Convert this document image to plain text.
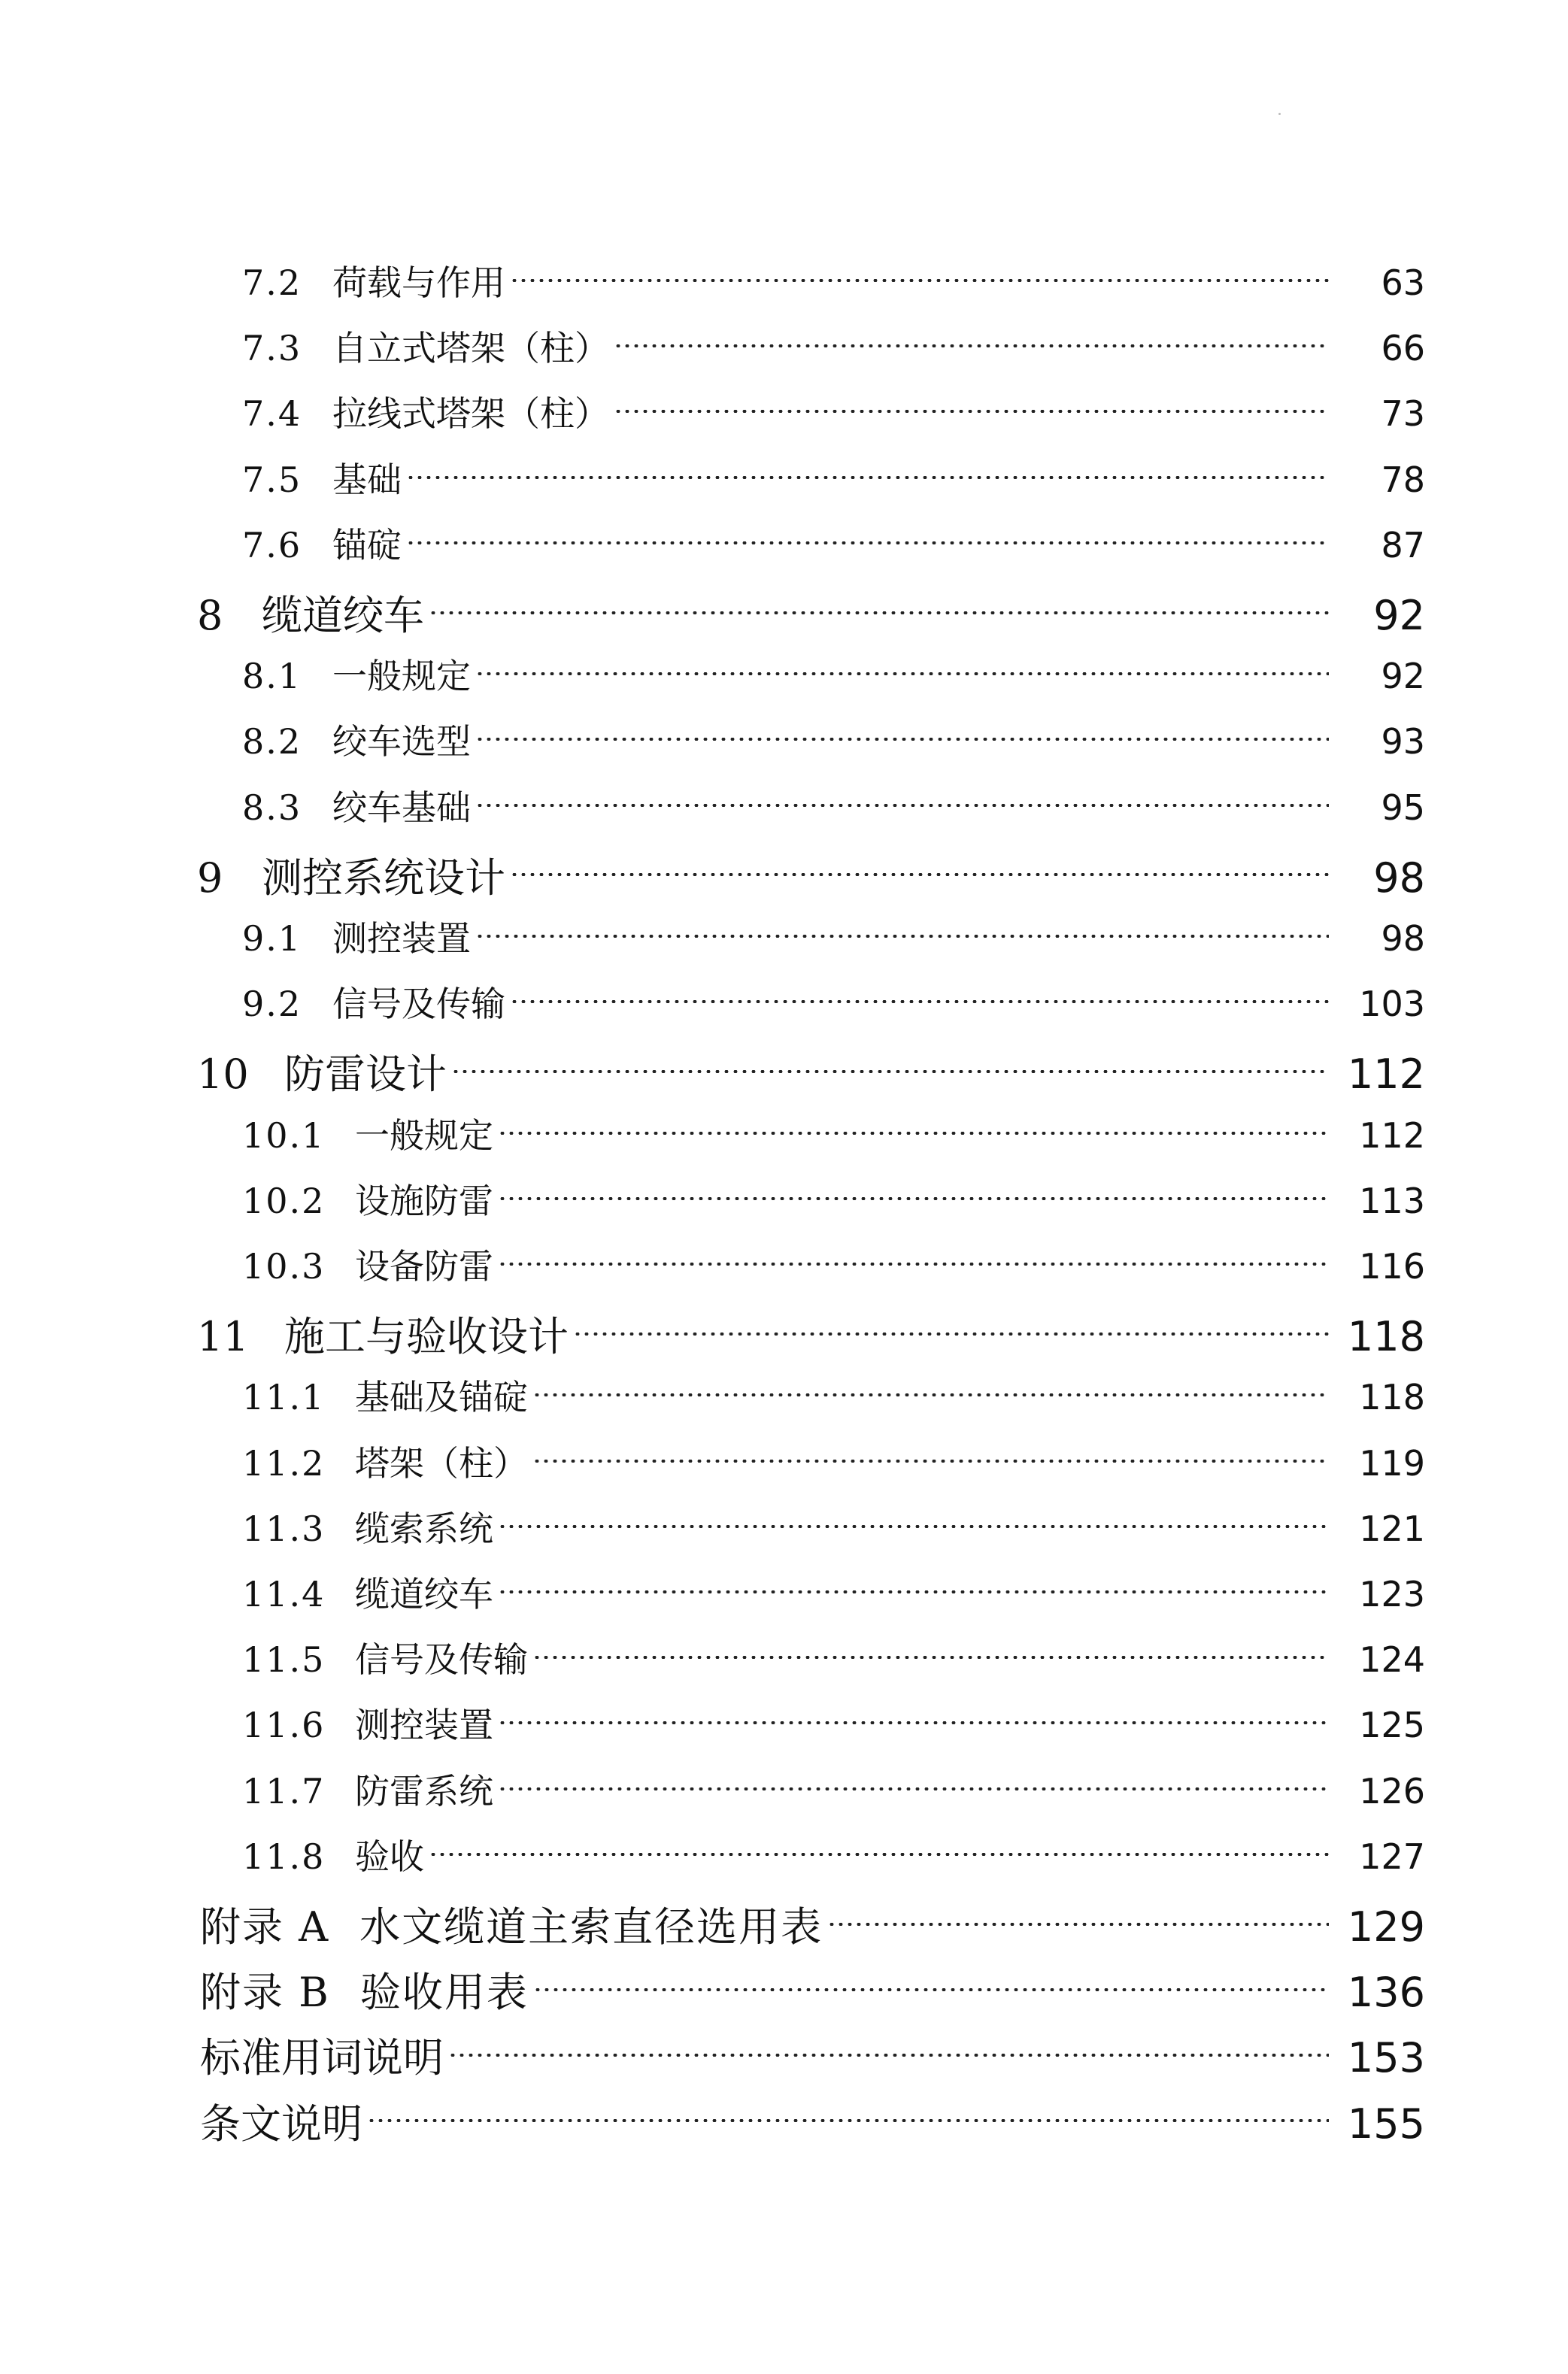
7.2 荷载与作用	63
7.3 自立式塔架（柱）	66
7.4 拉线式塔架（柱）	73
7.5 基础	78
7.6 锚碇	87
8 缆道绞车	92
8.1 一般规定	92
8.2 绞车选型	93
8.3 绞车基础	95
9 测控系统设计	98
9.1 测控装置	98
9.2 信号及传输	103
10 防雷设计	112
10.1 一般规定	112
10.2 设施防雷	113
10.3 设备防雷	116
11 施工与验收设计	118
11.1 基础及锚碇	118
11.2 塔架（柱）	119
11.3 缆索系统	121
11.4 缆道绞车	123
11.5 信号及传输	124
11.6 测控装置	125
11.7 防雷系统	126
11.8 验收	127
附录 A 水文缆道主索直径选用表	129
附录 B 验收用表	136
标准用词说明	153
条文说明	155
